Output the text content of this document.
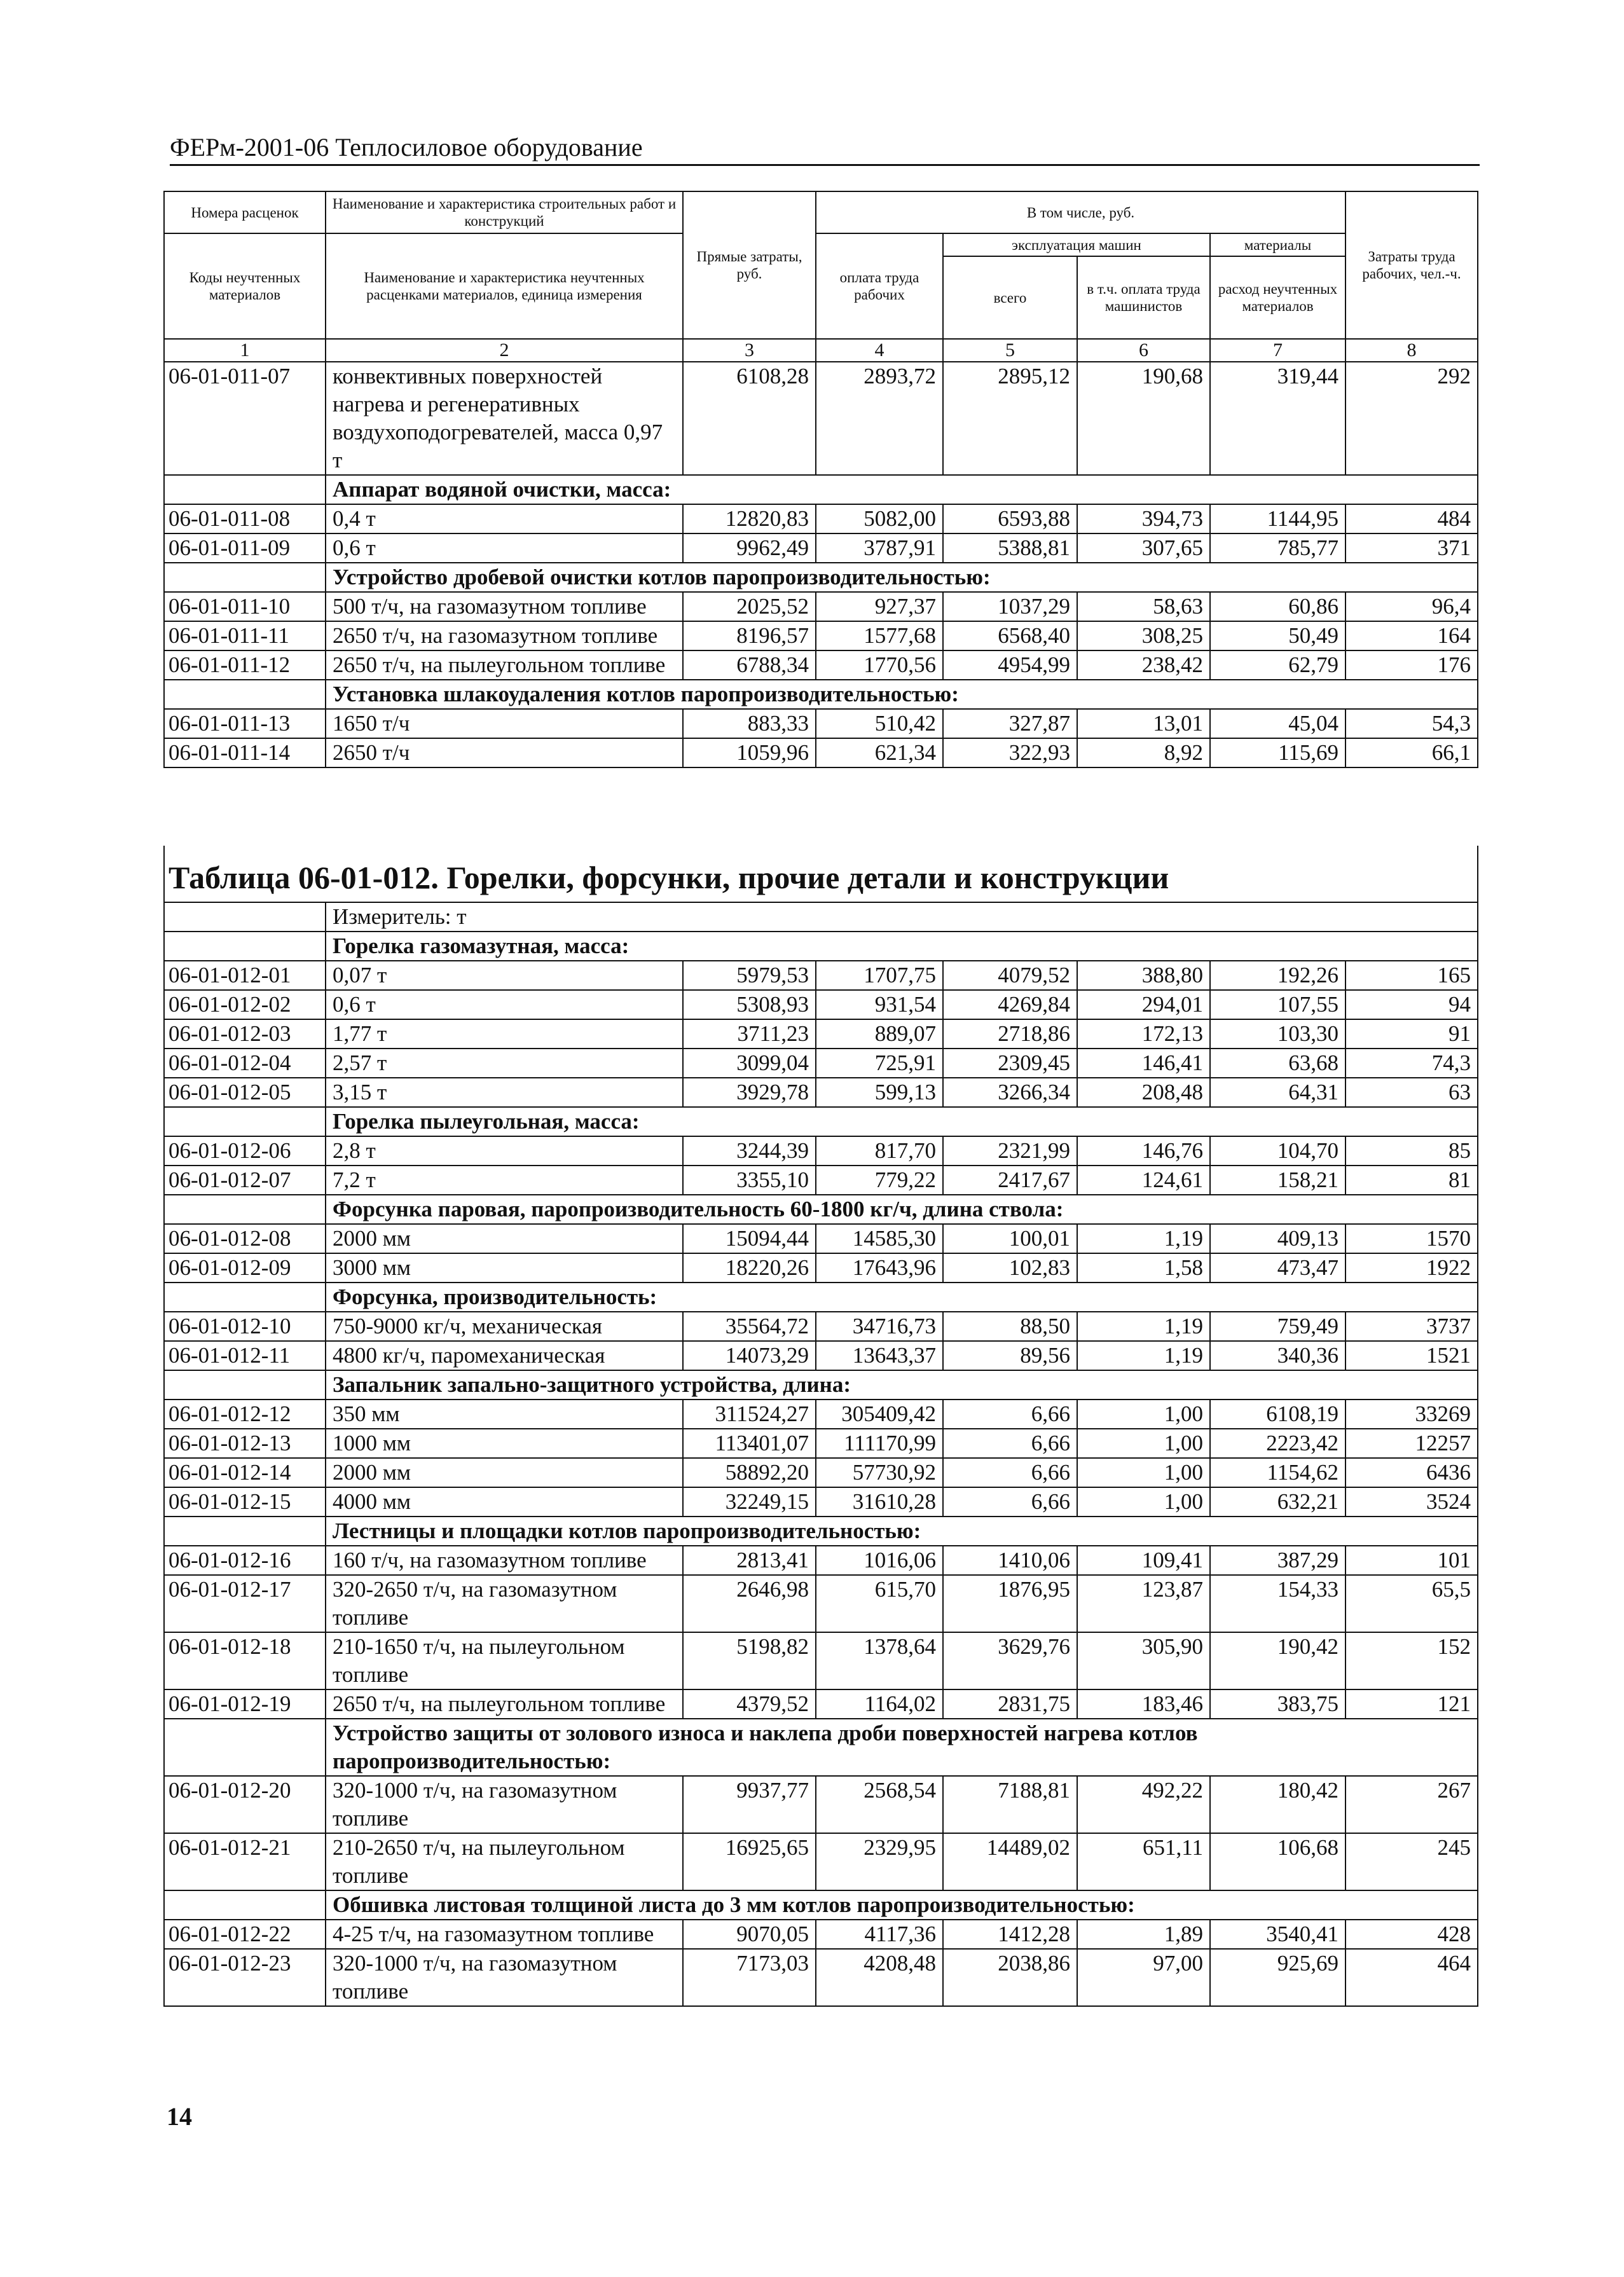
ФЕРм-2001-06 Теплосиловое оборудование
Номера расценок	Наименование и характеристика строительных работ и конструкций	Прямые затраты, руб.	В том числе, руб.				Затраты труда рабочих, чел.-ч.
Коды неучтенных материалов	Наименование и характеристика неучтенных расценками материалов, единица измерения		оплата труда рабочих	эксплуатация машин		материалы	
				всего	в т.ч. оплата труда машинистов	расход неучтенных материалов	
1	2	3	4	5	6	7	8
06-01-011-07	конвективных поверхностей нагрева и регенеративных воздухоподогревателей, масса 0,97 т	6108,28	2893,72	2895,12	190,68	319,44	292
	Аппарат водяной очистки, масса:						
06-01-011-08	0,4 т	12820,83	5082,00	6593,88	394,73	1144,95	484
06-01-011-09	0,6 т	9962,49	3787,91	5388,81	307,65	785,77	371
	Устройство дробевой очистки котлов паропроизводительностью:						
06-01-011-10	500 т/ч, на газомазутном топливе	2025,52	927,37	1037,29	58,63	60,86	96,4
06-01-011-11	2650 т/ч, на газомазутном топливе	8196,57	1577,68	6568,40	308,25	50,49	164
06-01-011-12	2650 т/ч, на пылеугольном топливе	6788,34	1770,56	4954,99	238,42	62,79	176
	Установка шлакоудаления котлов паропроизводительностью:						
06-01-011-13	1650 т/ч	883,33	510,42	327,87	13,01	45,04	54,3
06-01-011-14	2650 т/ч	1059,96	621,34	322,93	8,92	115,69	66,1
Таблица 06-01-012. Горелки, форсунки, прочие детали и конструкции							
	Измеритель: т						
	Горелка газомазутная, масса:						
06-01-012-01	0,07 т	5979,53	1707,75	4079,52	388,80	192,26	165
06-01-012-02	0,6 т	5308,93	931,54	4269,84	294,01	107,55	94
06-01-012-03	1,77 т	3711,23	889,07	2718,86	172,13	103,30	91
06-01-012-04	2,57 т	3099,04	725,91	2309,45	146,41	63,68	74,3
06-01-012-05	3,15 т	3929,78	599,13	3266,34	208,48	64,31	63
	Горелка пылеугольная, масса:						
06-01-012-06	2,8 т	3244,39	817,70	2321,99	146,76	104,70	85
06-01-012-07	7,2 т	3355,10	779,22	2417,67	124,61	158,21	81
	Форсунка паровая, паропроизводительность 60-1800 кг/ч, длина ствола:						
06-01-012-08	2000 мм	15094,44	14585,30	100,01	1,19	409,13	1570
06-01-012-09	3000 мм	18220,26	17643,96	102,83	1,58	473,47	1922
	Форсунка, производительность:						
06-01-012-10	750-9000 кг/ч, механическая	35564,72	34716,73	88,50	1,19	759,49	3737
06-01-012-11	4800 кг/ч, паромеханическая	14073,29	13643,37	89,56	1,19	340,36	1521
	Запальник запально-защитного устройства, длина:						
06-01-012-12	350 мм	311524,27	305409,42	6,66	1,00	6108,19	33269
06-01-012-13	1000 мм	113401,07	111170,99	6,66	1,00	2223,42	12257
06-01-012-14	2000 мм	58892,20	57730,92	6,66	1,00	1154,62	6436
06-01-012-15	4000 мм	32249,15	31610,28	6,66	1,00	632,21	3524
	Лестницы и площадки котлов паропроизводительностью:						
06-01-012-16	160 т/ч, на газомазутном топливе	2813,41	1016,06	1410,06	109,41	387,29	101
06-01-012-17	320-2650 т/ч, на газомазутном топливе	2646,98	615,70	1876,95	123,87	154,33	65,5
06-01-012-18	210-1650 т/ч, на пылеугольном топливе	5198,82	1378,64	3629,76	305,90	190,42	152
06-01-012-19	2650 т/ч, на пылеугольном топливе	4379,52	1164,02	2831,75	183,46	383,75	121
	Устройство защиты от золового износа и наклепа дроби поверхностей нагрева котлов паропроизводительностью:						
06-01-012-20	320-1000 т/ч, на газомазутном топливе	9937,77	2568,54	7188,81	492,22	180,42	267
06-01-012-21	210-2650 т/ч, на пылеугольном топливе	16925,65	2329,95	14489,02	651,11	106,68	245
	Обшивка листовая толщиной листа до 3 мм котлов паропроизводительностью:						
06-01-012-22	4-25 т/ч, на газомазутном топливе	9070,05	4117,36	1412,28	1,89	3540,41	428
06-01-012-23	320-1000 т/ч, на газомазутном топливе	7173,03	4208,48	2038,86	97,00	925,69	464
14
